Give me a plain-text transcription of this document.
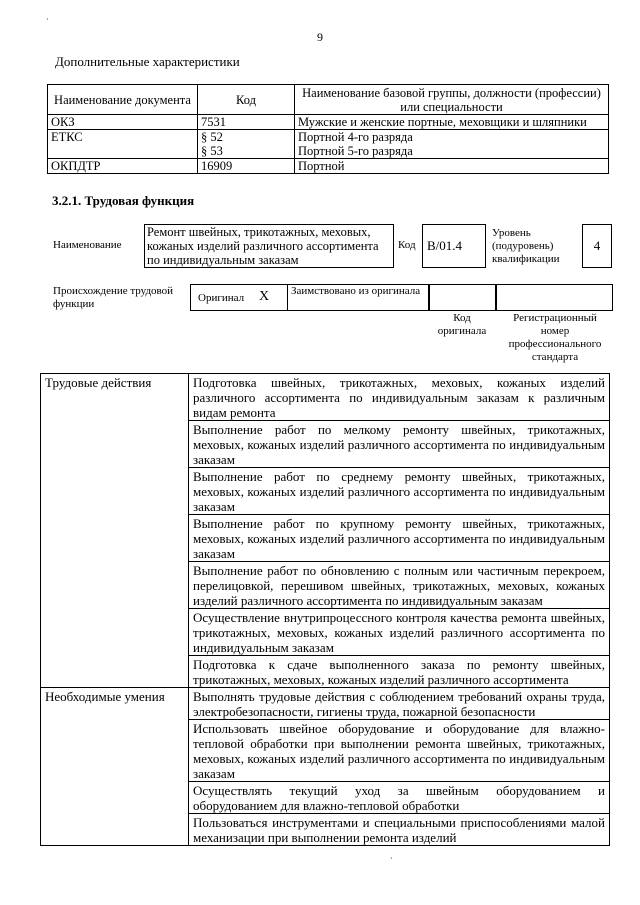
·
9
Дополнительные характеристики
Наименование документа	Код	Наименование базовой группы, должности (профессии) или специальности
ОКЗ	7531	Мужские и женские портные, меховщики и шляпники
ЕТКС	§ 52	Портной 4-го разряда
	§ 53	Портной 5-го разряда
ОКПДТР	16909	Портной
3.2.1. Трудовая функция
Наименование
Ремонт швейных, трикотажных, меховых, кожаных изделий различного ассортимента по индивидуальным заказам
Код B/01.4
Уровень (подуровень) квалификации
4
Происхождение трудовой функции	Оригинал X	Заимствовано из оригинала
Код оригинала
Регистрационный номер профессионального стандарта
Трудовые действия	Подготовка швейных, трикотажных, меховых, кожаных изделий различного ассортимента по индивидуальным заказам к различным видам ремонта
	Выполнение работ по мелкому ремонту швейных, трикотажных, меховых, кожаных изделий различного ассортимента по индивидуальным заказам
	Выполнение работ по среднему ремонту швейных, трикотажных, меховых, кожаных изделий различного ассортимента по индивидуальным заказам
	Выполнение работ по крупному ремонту швейных, трикотажных, меховых, кожаных изделий различного ассортимента по индивидуальным заказам
	Выполнение работ по обновлению с полным или частичным перекроем, перелицовкой, перешивом швейных, трикотажных, меховых, кожаных изделий различного ассортимента по индивидуальным заказам
	Осуществление внутрипроцессного контроля качества ремонта швейных, трикотажных, меховых, кожаных изделий различного ассортимента по индивидуальным заказам
	Подготовка к сдаче выполненного заказа по ремонту швейных, трикотажных, меховых, кожаных изделий различного ассортимента
Необходимые умения	Выполнять трудовые действия с соблюдением требований охраны труда, электробезопасности, гигиены труда, пожарной безопасности
	Использовать швейное оборудование и оборудование для влажно-тепловой обработки при выполнении ремонта швейных, трикотажных, меховых, кожаных изделий различного ассортимента по индивидуальным заказам
	Осуществлять текущий уход за швейным оборудованием и оборудованием для влажно-тепловой обработки
	Пользоваться инструментами и специальными приспособлениями малой механизации при выполнении ремонта изделий
·
